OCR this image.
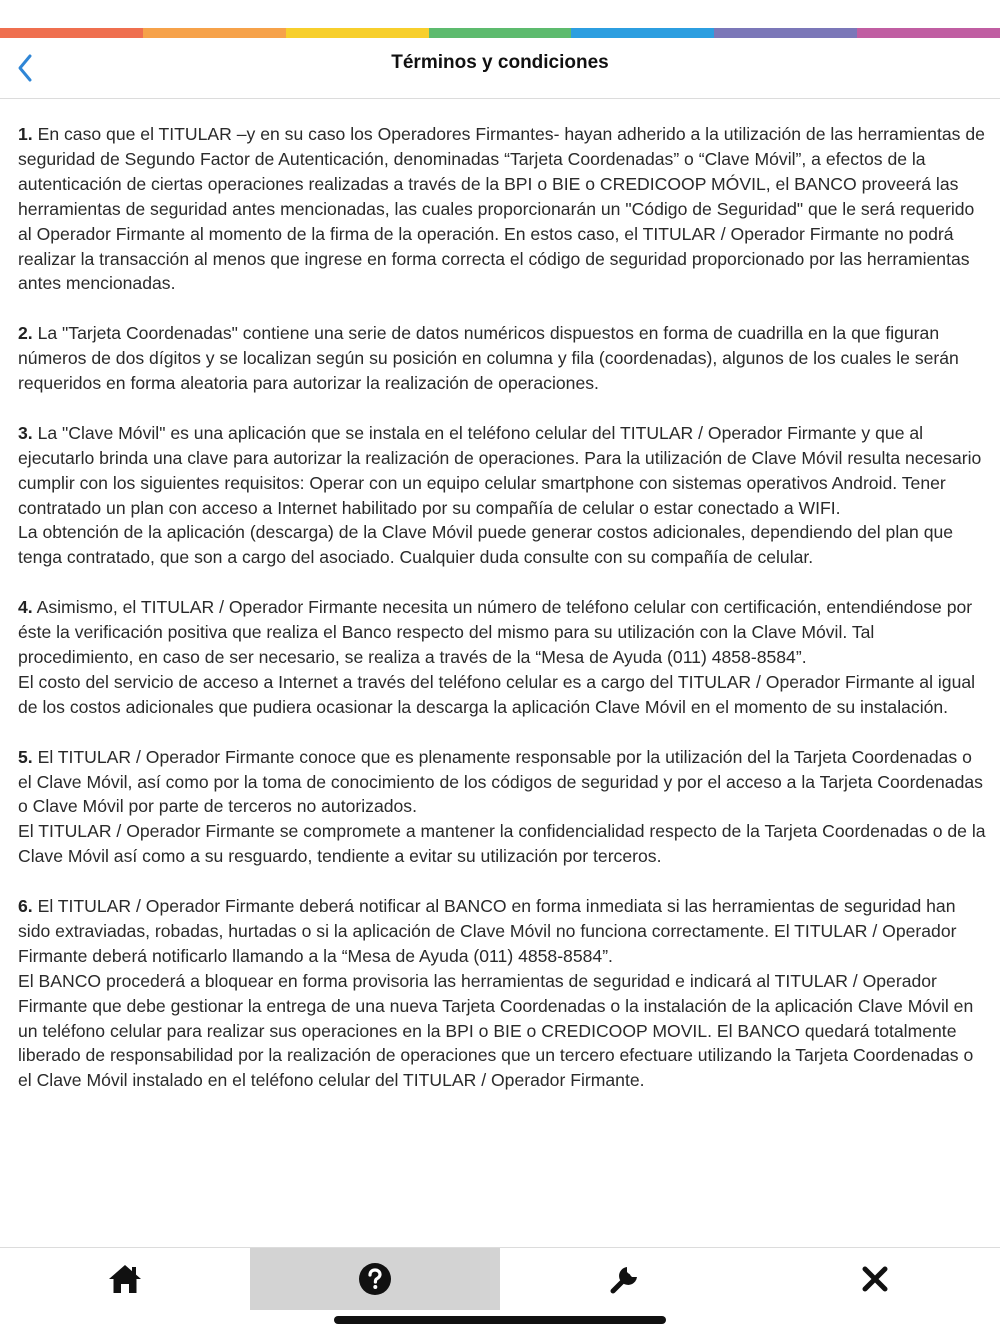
Términos y condiciones

1. En caso que el TITULAR –y en su caso los Operadores Firmantes- hayan adherido a la utilización de las herramientas de seguridad de Segundo Factor de Autenticación, denominadas “Tarjeta Coordenadas” o “Clave Móvil”, a efectos de la autenticación de ciertas operaciones realizadas a través de la BPI o BIE o CREDICOOP MÓVIL, el BANCO proveerá las herramientas de seguridad antes mencionadas, las cuales proporcionarán un "Código de Seguridad" que le será requerido al Operador Firmante al momento de la firma de la operación. En estos caso, el TITULAR / Operador Firmante no podrá realizar la transacción al menos que ingrese en forma correcta el código de seguridad proporcionado por las herramientas antes mencionadas.

2. La "Tarjeta Coordenadas" contiene una serie de datos numéricos dispuestos en forma de cuadrilla en la que figuran números de dos dígitos y se localizan según su posición en columna y fila (coordenadas), algunos de los cuales le serán requeridos en forma aleatoria para autorizar la realización de operaciones.

3. La "Clave Móvil" es una aplicación que se instala en el teléfono celular del TITULAR / Operador Firmante y que al ejecutarlo brinda una clave para autorizar la realización de operaciones. Para la utilización de Clave Móvil resulta necesario cumplir con los siguientes requisitos: Operar con un equipo celular smartphone con sistemas operativos Android. Tener contratado un plan con acceso a Internet habilitado por su compañía de celular o estar conectado a WIFI.

La obtención de la aplicación (descarga) de la Clave Móvil puede generar costos adicionales, dependiendo del plan que tenga contratado, que son a cargo del asociado. Cualquier duda consulte con su compañía de celular.

4. Asimismo, el TITULAR / Operador Firmante necesita un número de teléfono celular con certificación, entendiéndose por éste la verificación positiva que realiza el Banco respecto del mismo para su utilización con la Clave Móvil. Tal procedimiento, en caso de ser necesario, se realiza a través de la “Mesa de Ayuda (011) 4858-8584”.

El costo del servicio de acceso a Internet a través del teléfono celular es a cargo del TITULAR / Operador Firmante al igual de los costos adicionales que pudiera ocasionar la descarga la aplicación Clave Móvil en el momento de su instalación.

5. El TITULAR / Operador Firmante conoce que es plenamente responsable por la utilización del la Tarjeta Coordenadas o el Clave Móvil, así como por la toma de conocimiento de los códigos de seguridad y por el acceso a la Tarjeta Coordenadas o Clave Móvil por parte de terceros no autorizados.

El TITULAR / Operador Firmante se compromete a mantener la confidencialidad respecto de la Tarjeta Coordenadas o de la Clave Móvil así como a su resguardo, tendiente a evitar su utilización por terceros.

6. El TITULAR / Operador Firmante deberá notificar al BANCO en forma inmediata si las herramientas de seguridad han sido extraviadas, robadas, hurtadas o si la aplicación de Clave Móvil no funciona correctamente. El TITULAR / Operador Firmante deberá notificarlo llamando a la “Mesa de Ayuda (011) 4858-8584”.

El BANCO procederá a bloquear en forma provisoria las herramientas de seguridad e indicará al TITULAR / Operador Firmante que debe gestionar la entrega de una nueva Tarjeta Coordenadas o la instalación de la aplicación Clave Móvil en un teléfono celular para realizar sus operaciones en la BPI o BIE o CREDICOOP MOVIL. El BANCO quedará totalmente liberado de responsabilidad por la realización de operaciones que un tercero efectuare utilizando la Tarjeta Coordenadas o el Clave Móvil instalado en el teléfono celular del TITULAR / Operador Firmante.
